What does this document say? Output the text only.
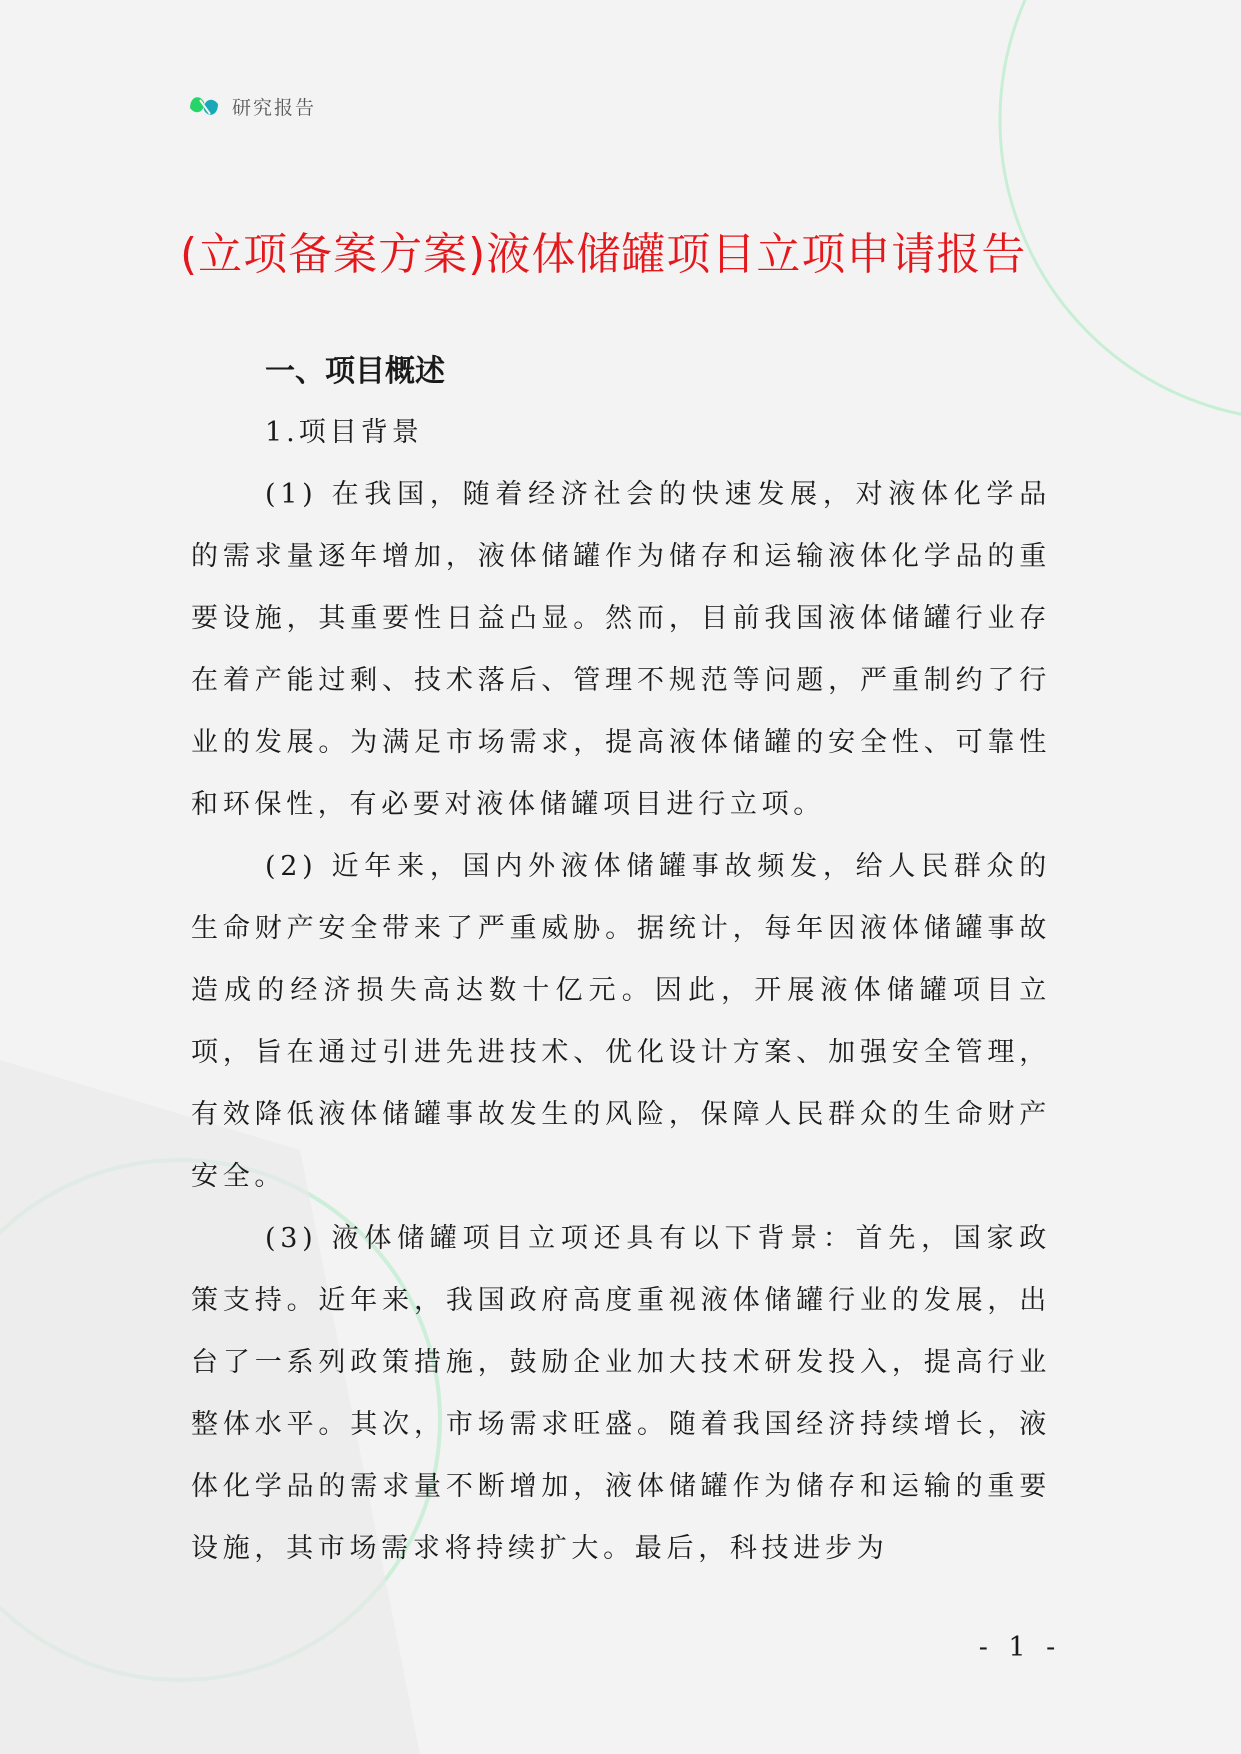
研究报告
(立项备案方案)液体储罐项目立项申请报告
一、项目概述
1.项目背景

(1) 在我国，随着经济社会的快速发展，对液体化学品的需求量逐年增加，液体储罐作为储存和运输液体化学品的重要设施，其重要性日益凸显。然而，目前我国液体储罐行业存在着产能过剩、技术落后、管理不规范等问题，严重制约了行业的发展。为满足市场需求，提高液体储罐的安全性、可靠性和环保性，有必要对液体储罐项目进行立项。

(2) 近年来，国内外液体储罐事故频发，给人民群众的生命财产安全带来了严重威胁。据统计，每年因液体储罐事故造成的经济损失高达数十亿元。因此，开展液体储罐项目立项，旨在通过引进先进技术、优化设计方案、加强安全管理，有效降低液体储罐事故发生的风险，保障人民群众的生命财产安全。

(3) 液体储罐项目立项还具有以下背景：首先，国家政策支持。近年来，我国政府高度重视液体储罐行业的发展，出台了一系列政策措施，鼓励企业加大技术研发投入，提高行业整体水平。其次，市场需求旺盛。随着我国经济持续增长，液体化学品的需求量不断增加，液体储罐作为储存和运输的重要设施，其市场需求将持续扩大。最后，科技进步为

- 1 -
